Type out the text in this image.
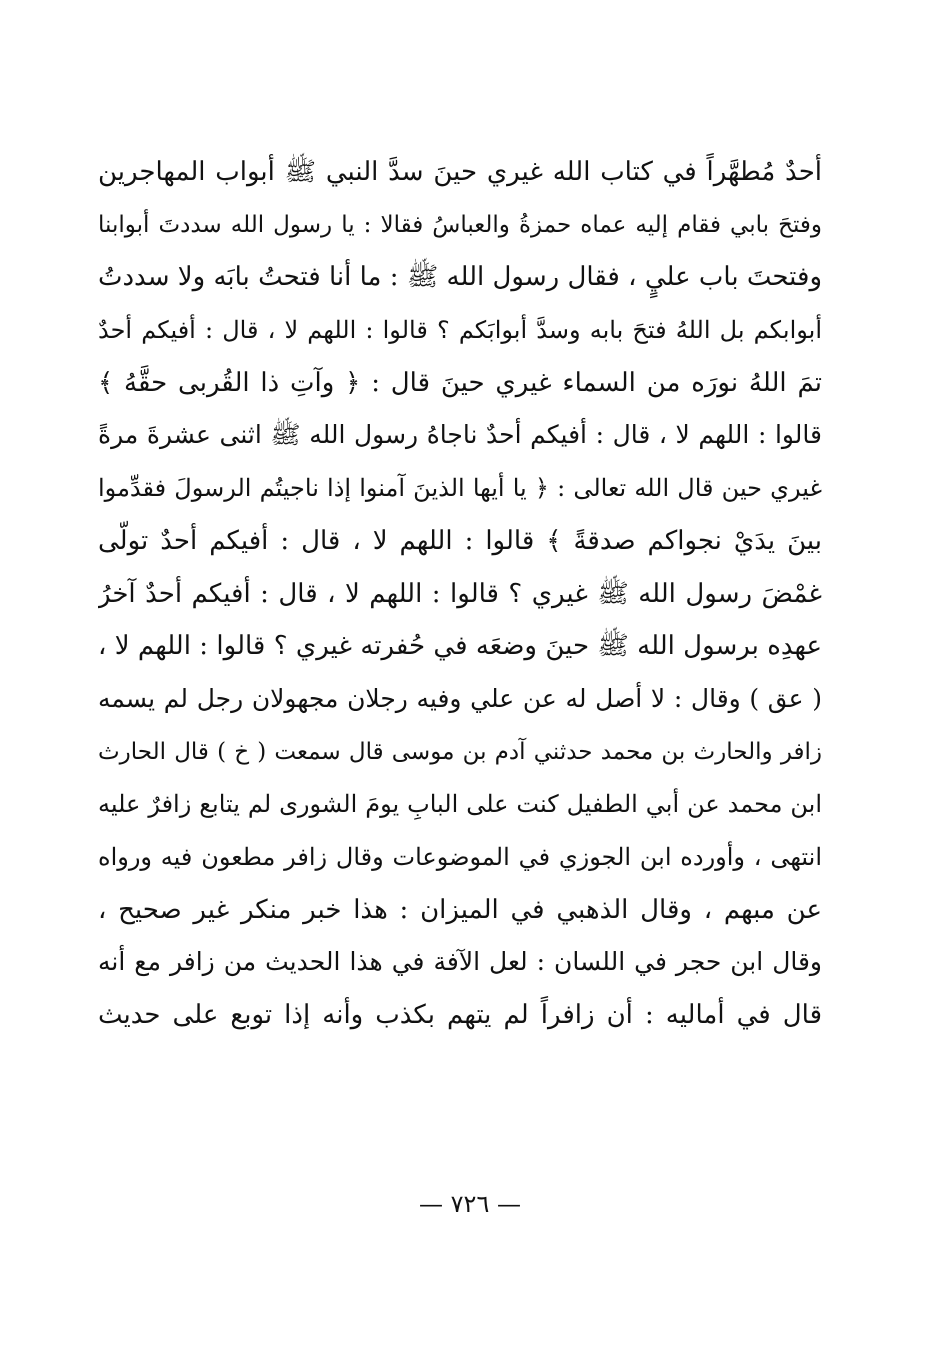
أحدٌ مُطهَّراً في كتاب الله غيري حينَ سدَّ النبي ﷺ أبواب المهاجرين
وفتحَ بابي فقام إليه عماه حمزةُ والعباسُ فقالا : يا رسول الله سددتَ أبوابنا
وفتحتَ باب عليٍ ، فقال رسول الله ﷺ : ما أنا فتحتُ بابَه ولا سددتُ
أبوابكم بل اللهُ فتحَ بابه وسدَّ أبوابَكم ؟ قالوا : اللهم لا ، قال : أفيكم أحدٌ
تمَ اللهُ نورَه من السماء غيري حينَ قال : ﴿ وآتِ ذا القُربى حقَّهُ ﴾
قالوا : اللهم لا ، قال : أفيكم أحدٌ ناجاهُ رسول الله ﷺ اثنى عشرةَ مرةً
غيري حين قال الله تعالى : ﴿ يا أيها الذينَ آمنوا إذا ناجيتُم الرسولَ فقدِّموا
بينَ يدَيْ نجواكم صدقةً ﴾ قالوا : اللهم لا ، قال : أفيكم أحدٌ تولّى
غمْضَ رسول الله ﷺ غيري ؟ قالوا : اللهم لا ، قال : أفيكم أحدٌ آخرُ
عهدِه برسول الله ﷺ حينَ وضعَه في حُفرته غيري ؟ قالوا : اللهم لا ،
( عق ) وقال : لا أصل له عن علي وفيه رجلان مجهولان رجل لم يسمه
زافر والحارث بن محمد حدثني آدم بن موسى قال سمعت ( خ ) قال الحارث
ابن محمد عن أبي الطفيل كنت على البابِ يومَ الشورى لم يتابع زافرٌ عليه
انتهى ، وأورده ابن الجوزي في الموضوعات وقال زافر مطعون فيه ورواه
عن مبهم ، وقال الذهبي في الميزان : هذا خبر منكر غير صحيح ،
وقال ابن حجر في اللسان : لعل الآفة في هذا الحديث من زافر مع أنه
قال في أماليه : أن زافراً لم يتهم بكذب وأنه إذا توبع على حديث
— ٧٢٦ —
